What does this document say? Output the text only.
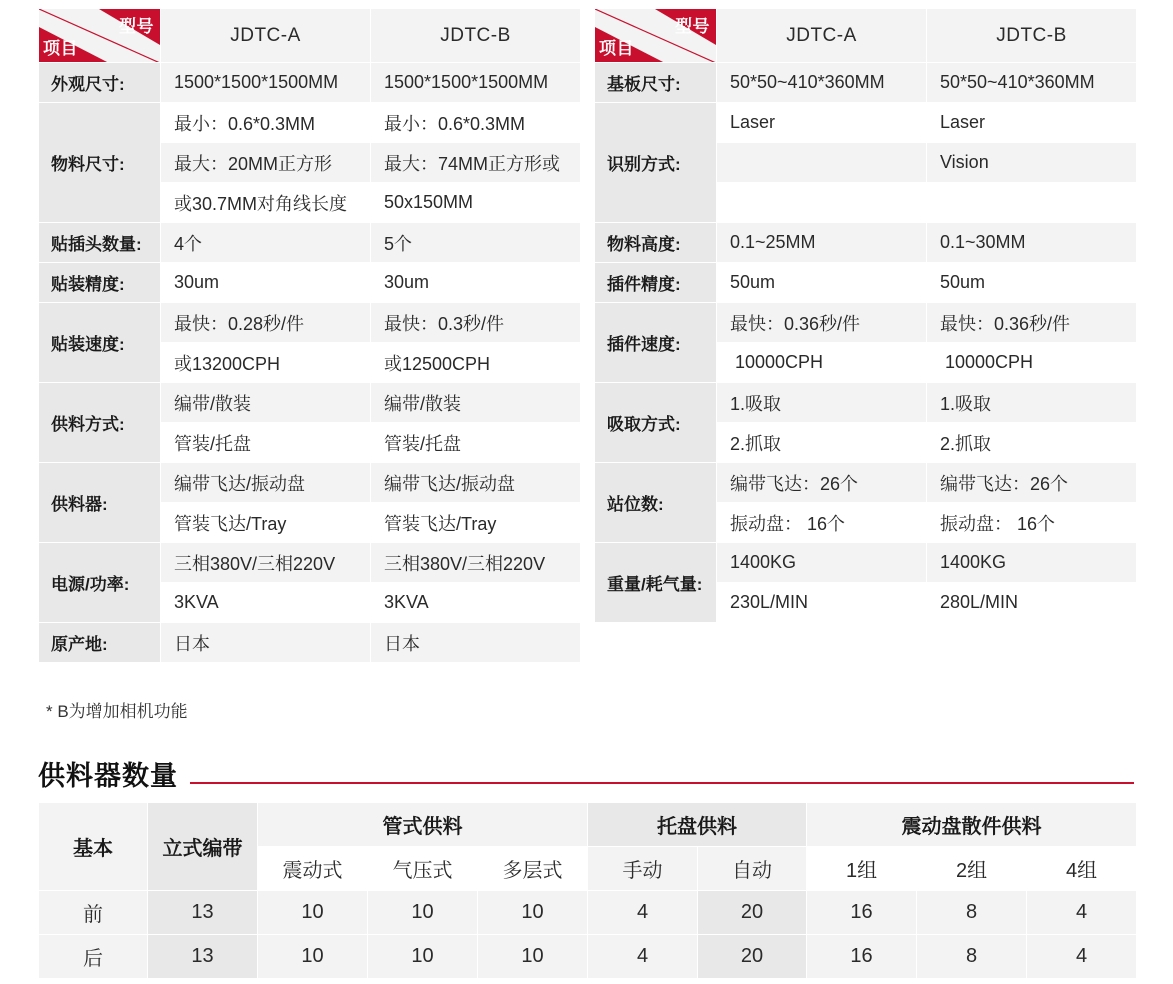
型号
项目	JDTC-A	JDTC-B
外观尺寸:	1500*1500*1500MM	1500*1500*1500MM
物料尺寸:	最小：0.6*0.3MM	最小：0.6*0.3MM
	最大：20MM正方形	最大：74MM正方形或
	或30.7MM对角线长度	50x150MM
贴插头数量:	4个	5个
贴装精度:	30um	30um
贴装速度:	最快：0.28秒/件	最快：0.3秒/件
	或13200CPH	或12500CPH
供料方式:	编带/散装	编带/散装
	管装/托盘	管装/托盘
供料器:	编带飞达/振动盘	编带飞达/振动盘
	管装飞达/Tray	管装飞达/Tray
电源/功率:	三相380V/三相220V	三相380V/三相220V
	3KVA	3KVA
原产地:	日本	日本
型号
项目	JDTC-A	JDTC-B
基板尺寸:	50*50~410*360MM	50*50~410*360MM
识别方式:	Laser	Laser
		Vision

物料高度:	0.1~25MM	0.1~30MM
插件精度:	50um	50um
插件速度:	最快：0.36秒/件	最快：0.36秒/件
	10000CPH	10000CPH
吸取方式:	1.吸取	1.吸取
	2.抓取	2.抓取
站位数:	编带飞达：26个	编带飞达：26个
	振动盘： 16个	振动盘： 16个
重量/耗气量:	1400KG	1400KG
	230L/MIN	280L/MIN
* B为增加相机功能
供料器数量
基本	立式编带	管式供料			托盘供料		震动盘散件供料		
		震动式	气压式	多层式	手动	自动	1组	2组	4组
前	13	10	10	10	4	20	16	8	4
后	13	10	10	10	4	20	16	8	4
